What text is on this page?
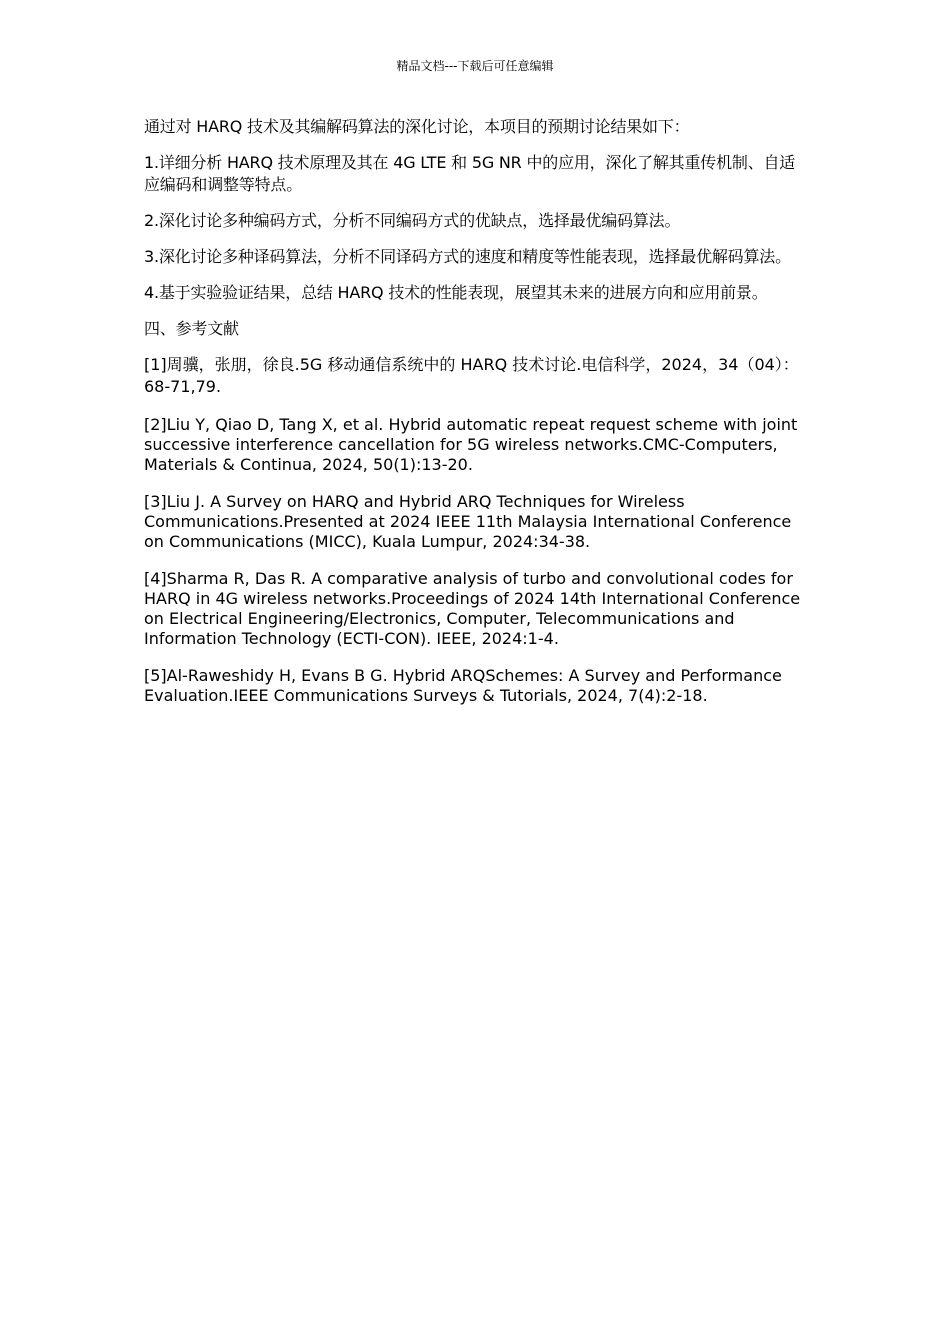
精品文档---下载后可任意编辑

通过对 HARQ 技术及其编解码算法的深化讨论，本项目的预期讨论结果如下：

1.详细分析 HARQ 技术原理及其在 4G LTE 和 5G NR 中的应用，深化了解其重传机制、自适应编码和调整等特点。

2.深化讨论多种编码方式，分析不同编码方式的优缺点，选择最优编码算法。

3.深化讨论多种译码算法，分析不同译码方式的速度和精度等性能表现，选择最优解码算法。

4.基于实验验证结果，总结 HARQ 技术的性能表现，展望其未来的进展方向和应用前景。

四、参考文献

[1]周骥，张朋，徐良.5G 移动通信系统中的 HARQ 技术讨论.电信科学，2024，34（04）：68-71,79.

[2]Liu Y, Qiao D, Tang X, et al. Hybrid automatic repeat request scheme with joint successive interference cancellation for 5G wireless networks.CMC-Computers, Materials & Continua, 2024, 50(1):13-20.

[3]Liu J. A Survey on HARQ and Hybrid ARQ Techniques for Wireless Communications.Presented at 2024 IEEE 11th Malaysia International Conference on Communications (MICC), Kuala Lumpur, 2024:34-38.

[4]Sharma R, Das R. A comparative analysis of turbo and convolutional codes for HARQ in 4G wireless networks.Proceedings of 2024 14th International Conference on Electrical Engineering/Electronics, Computer, Telecommunications and Information Technology (ECTI-CON). IEEE, 2024:1-4.

[5]Al-Raweshidy H, Evans B G. Hybrid ARQSchemes: A Survey and Performance Evaluation.IEEE Communications Surveys & Tutorials, 2024, 7(4):2-18.
